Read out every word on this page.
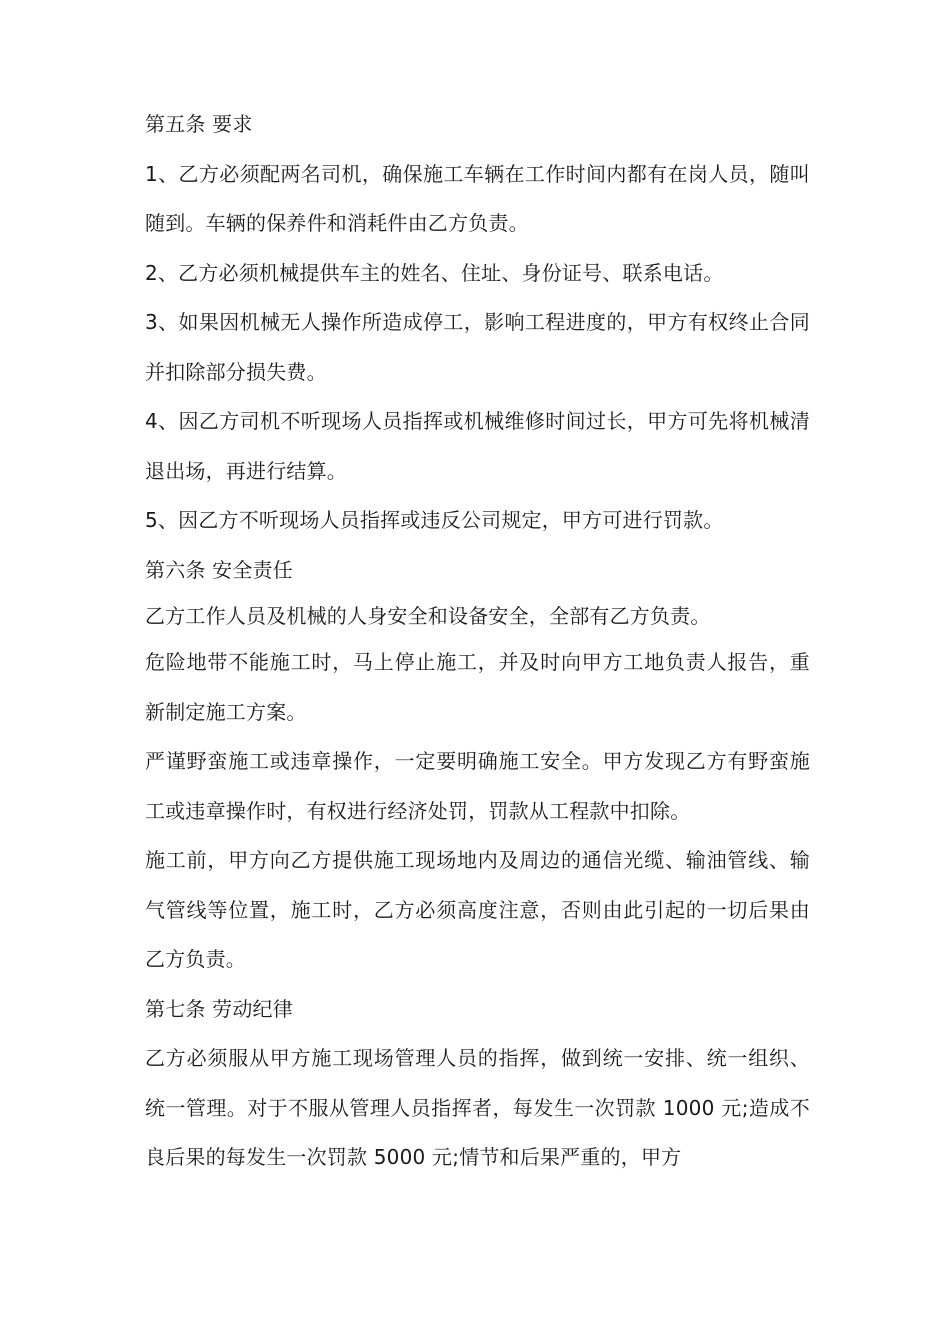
第五条 要求

1、乙方必须配两名司机，确保施工车辆在工作时间内都有在岗人员，随叫随到。车辆的保养件和消耗件由乙方负责。

2、乙方必须机械提供车主的姓名、住址、身份证号、联系电话。

3、如果因机械无人操作所造成停工，影响工程进度的，甲方有权终止合同并扣除部分损失费。

4、因乙方司机不听现场人员指挥或机械维修时间过长，甲方可先将机械清退出场，再进行结算。

5、因乙方不听现场人员指挥或违反公司规定，甲方可进行罚款。

第六条 安全责任

乙方工作人员及机械的人身安全和设备安全，全部有乙方负责。

危险地带不能施工时，马上停止施工，并及时向甲方工地负责人报告，重新制定施工方案。

严谨野蛮施工或违章操作，一定要明确施工安全。甲方发现乙方有野蛮施工或违章操作时，有权进行经济处罚，罚款从工程款中扣除。

施工前，甲方向乙方提供施工现场地内及周边的通信光缆、输油管线、输气管线等位置，施工时，乙方必须高度注意，否则由此引起的一切后果由乙方负责。

第七条 劳动纪律

乙方必须服从甲方施工现场管理人员的指挥，做到统一安排、统一组织、统一管理。对于不服从管理人员指挥者，每发生一次罚款 1000 元;造成不良后果的每发生一次罚款 5000 元;情节和后果严重的，甲方
